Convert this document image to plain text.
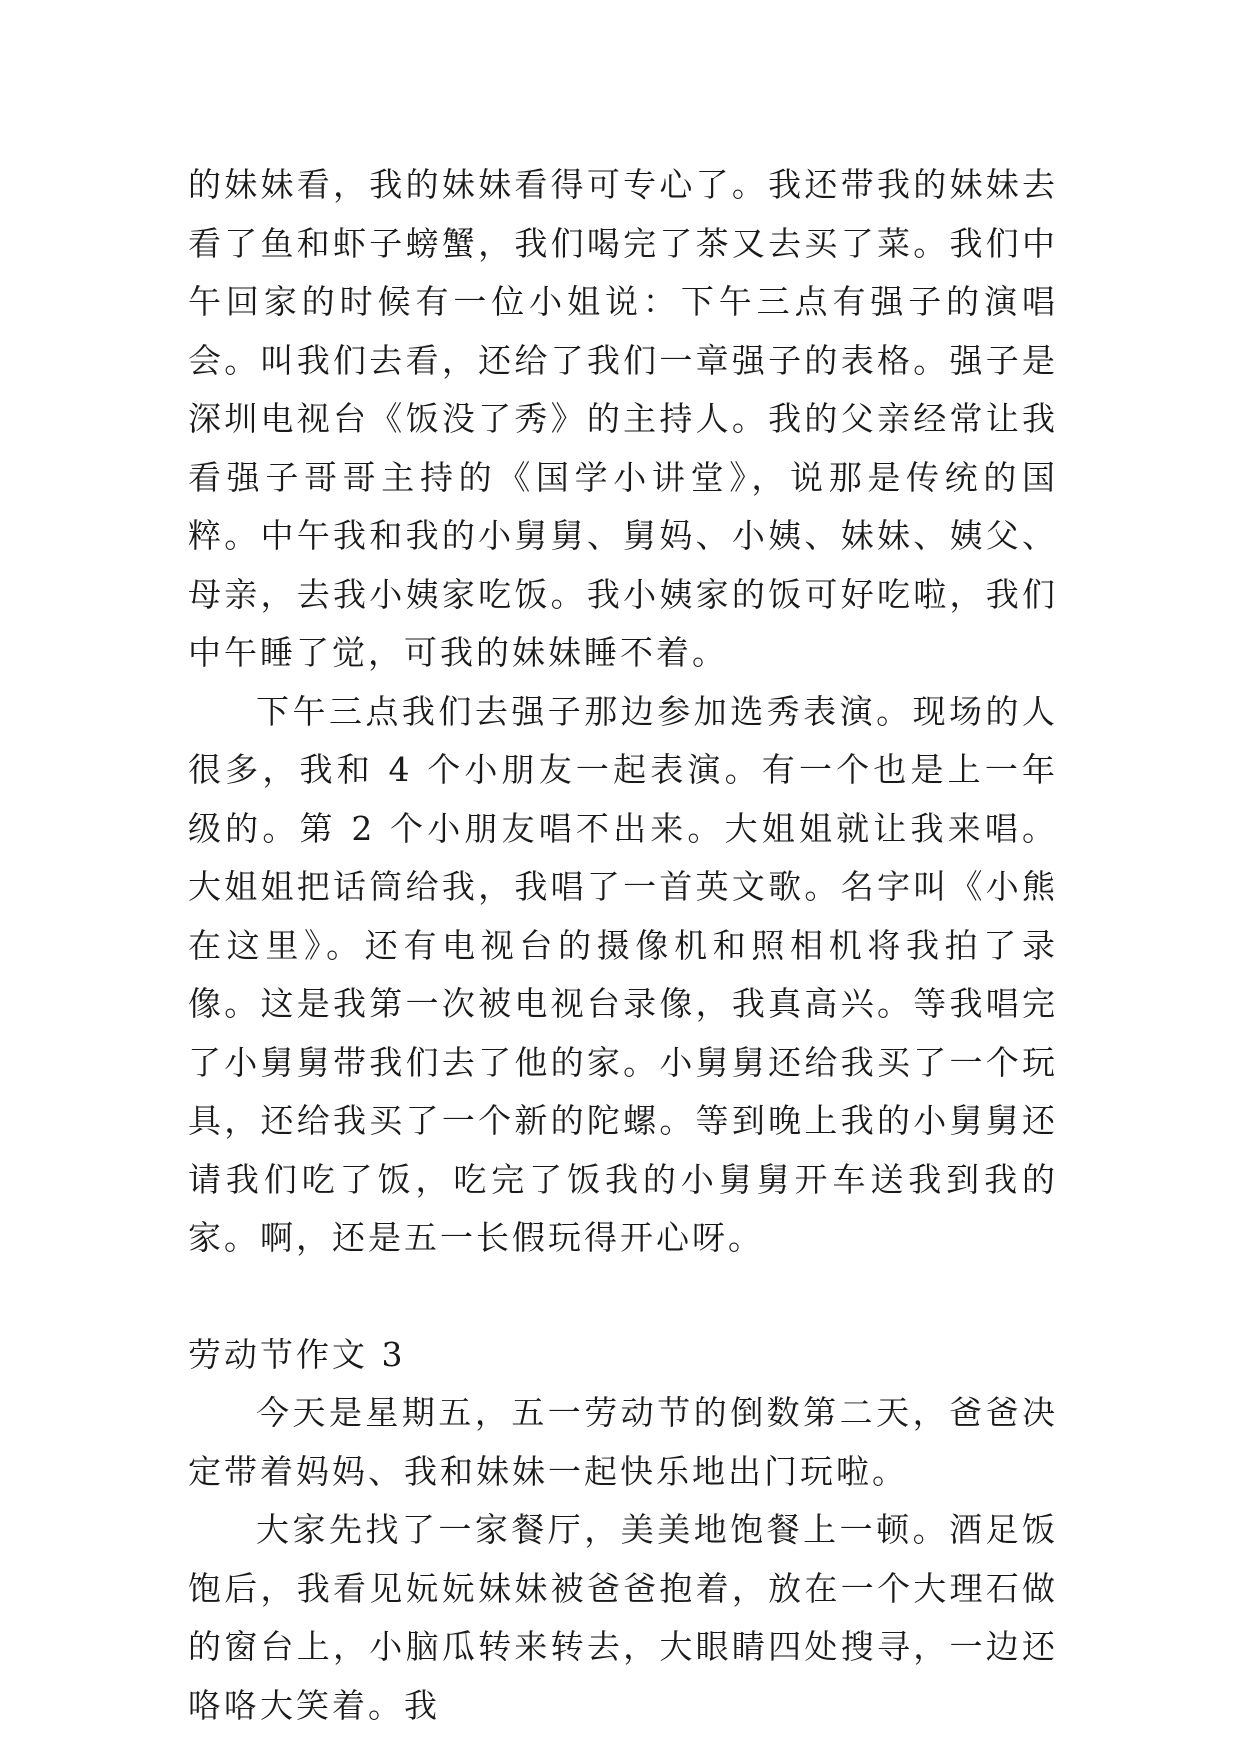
的妹妹看，我的妹妹看得可专心了。我还带我的妹妹去看了鱼和虾子螃蟹，我们喝完了茶又去买了菜。我们中午回家的时候有一位小姐说：下午三点有强子的演唱会。叫我们去看，还给了我们一章强子的表格。强子是深圳电视台《饭没了秀》的主持人。我的父亲经常让我看强子哥哥主持的《国学小讲堂》，说那是传统的国粹。中午我和我的小舅舅、舅妈、小姨、妹妹、姨父、母亲，去我小姨家吃饭。我小姨家的饭可好吃啦，我们中午睡了觉，可我的妹妹睡不着。

下午三点我们去强子那边参加选秀表演。现场的人很多，我和 4 个小朋友一起表演。有一个也是上一年级的。第 2 个小朋友唱不出来。大姐姐就让我来唱。大姐姐把话筒给我，我唱了一首英文歌。名字叫《小熊在这里》。还有电视台的摄像机和照相机将我拍了录像。这是我第一次被电视台录像，我真高兴。等我唱完了小舅舅带我们去了他的家。小舅舅还给我买了一个玩具，还给我买了一个新的陀螺。等到晚上我的小舅舅还请我们吃了饭，吃完了饭我的小舅舅开车送我到我的家。啊，还是五一长假玩得开心呀。

劳动节作文 3

今天是星期五，五一劳动节的倒数第二天，爸爸决定带着妈妈、我和妹妹一起快乐地出门玩啦。

大家先找了一家餐厅，美美地饱餐上一顿。酒足饭饱后，我看见妧妧妹妹被爸爸抱着，放在一个大理石做的窗台上，小脑瓜转来转去，大眼睛四处搜寻，一边还咯咯大笑着。我
